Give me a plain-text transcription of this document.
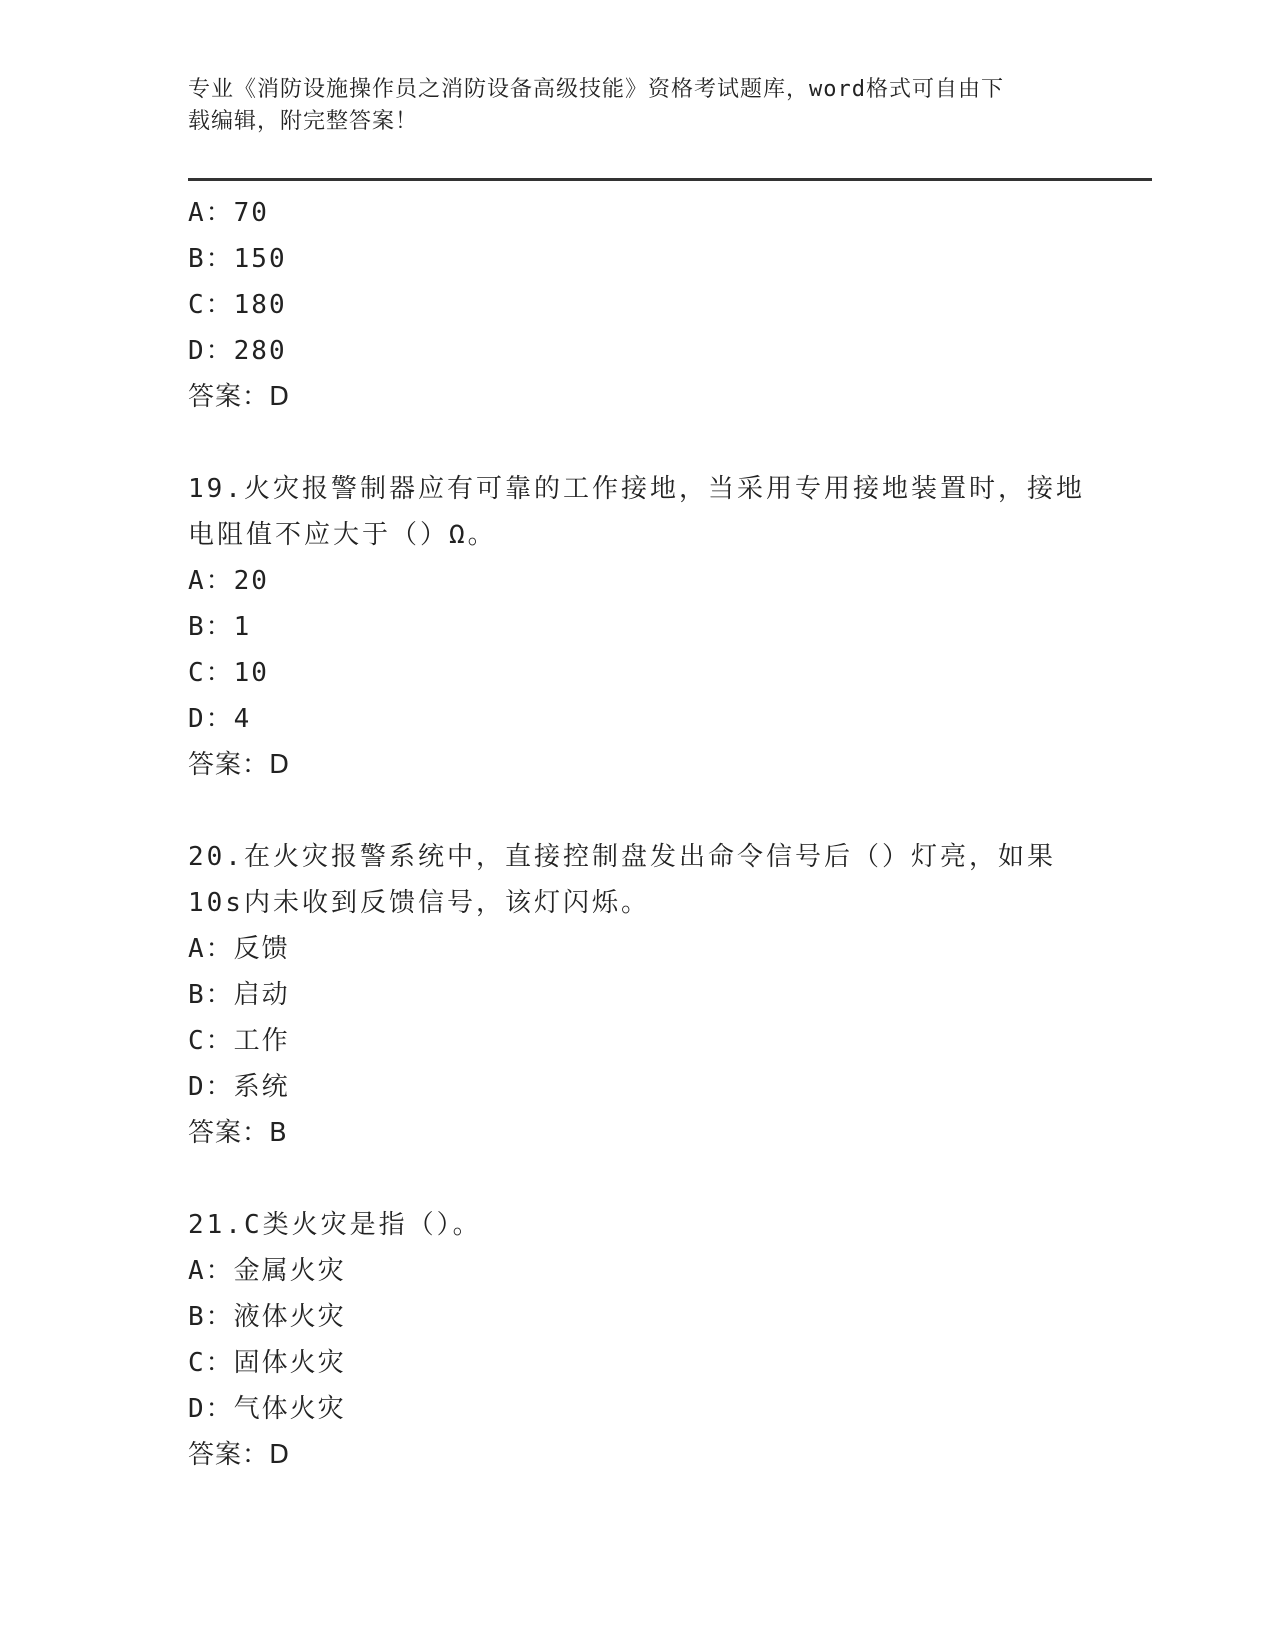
专业《消防设施操作员之消防设备高级技能》资格考试题库，word格式可自由下
载编辑，附完整答案！
A：70
B：150
C：180
D：280
答案：D
19.火灾报警制器应有可靠的工作接地，当采用专用接地装置时，接地
电阻值不应大于（）Ω。
A：20
B：1
C：10
D：4
答案：D
20.在火灾报警系统中，直接控制盘发出命令信号后（）灯亮，如果
10s内未收到反馈信号，该灯闪烁。
A：反馈
B：启动
C：工作
D：系统
答案：B
21.C类火灾是指（）。
A：金属火灾
B：液体火灾
C：固体火灾
D：气体火灾
答案：D
